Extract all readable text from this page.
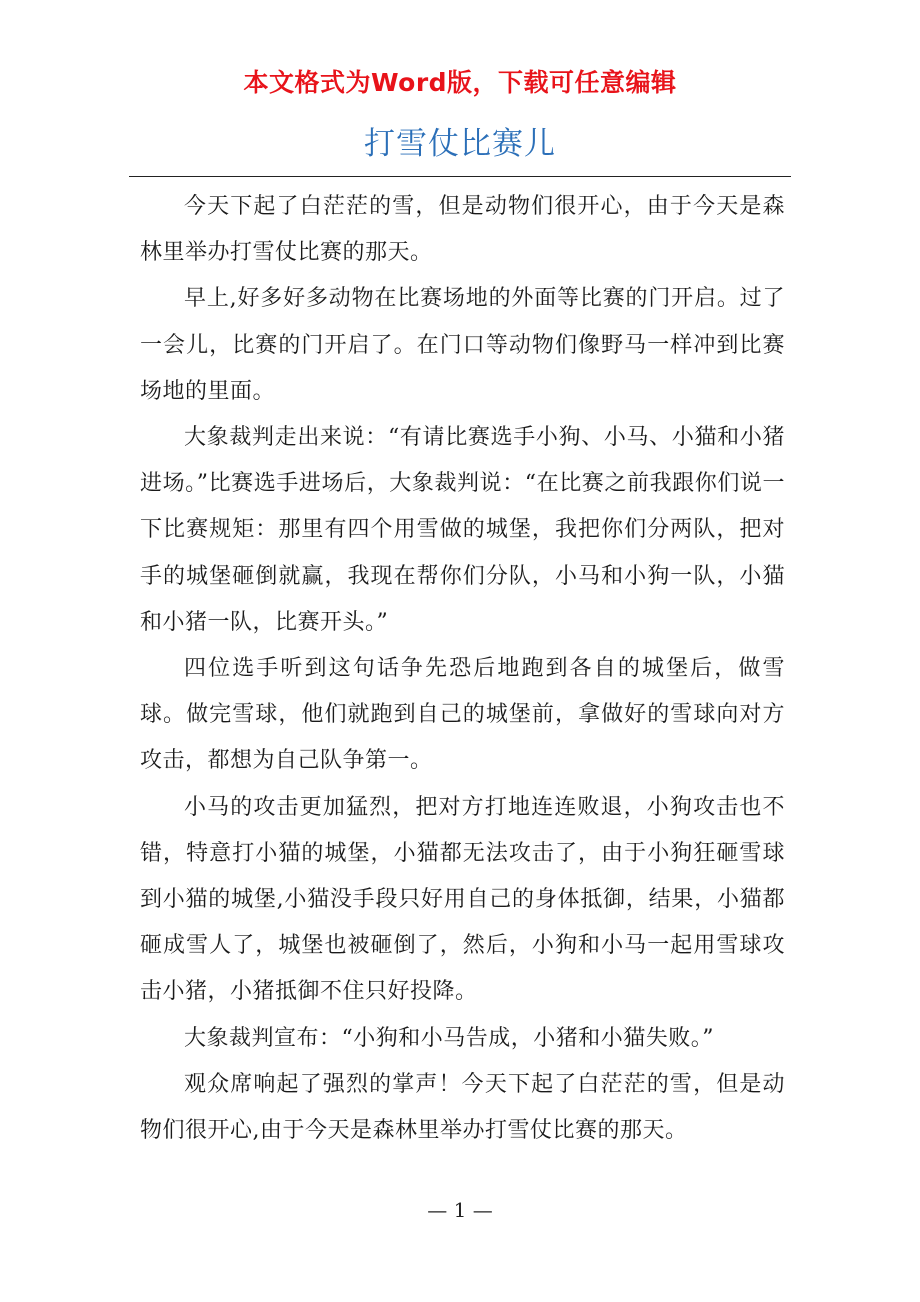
本文格式为Word版，下载可任意编辑
打雪仗比赛儿

今天下起了白茫茫的雪，但是动物们很开心，由于今天是森林里举办打雪仗比赛的那天。

早上,好多好多动物在比赛场地的外面等比赛的门开启。过了一会儿，比赛的门开启了。在门口等动物们像野马一样冲到比赛场地的里面。

大象裁判走出来说：“有请比赛选手小狗、小马、小猫和小猪进场。”比赛选手进场后，大象裁判说：“在比赛之前我跟你们说一下比赛规矩：那里有四个用雪做的城堡，我把你们分两队，把对手的城堡砸倒就赢，我现在帮你们分队，小马和小狗一队，小猫和小猪一队，比赛开头。”

四位选手听到这句话争先恐后地跑到各自的城堡后，做雪球。做完雪球，他们就跑到自己的城堡前，拿做好的雪球向对方攻击，都想为自己队争第一。

小马的攻击更加猛烈，把对方打地连连败退，小狗攻击也不错，特意打小猫的城堡，小猫都无法攻击了，由于小狗狂砸雪球到小猫的城堡,小猫没手段只好用自己的身体抵御，结果，小猫都砸成雪人了，城堡也被砸倒了，然后，小狗和小马一起用雪球攻击小猪，小猪抵御不住只好投降。

大象裁判宣布：“小狗和小马告成，小猪和小猫失败。”

观众席响起了强烈的掌声！今天下起了白茫茫的雪，但是动物们很开心,由于今天是森林里举办打雪仗比赛的那天。

— 1 —
